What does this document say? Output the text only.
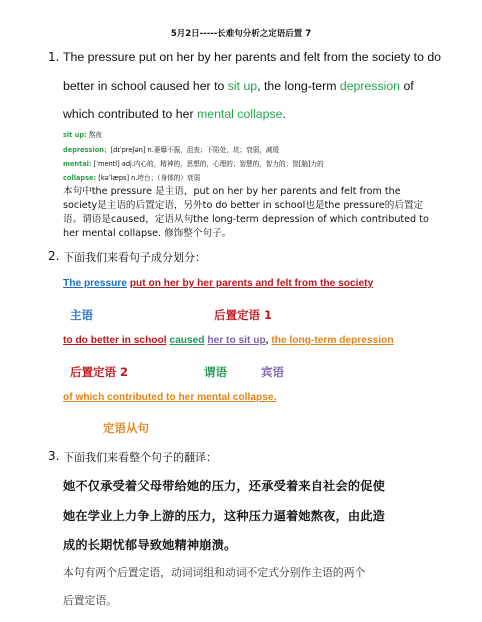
5月2日-----长难句分析之定语后置 7
1. The pressure put on her by her parents and felt from the society to do
better in school caused her to sit up, the long-term depression of
which contributed to her mental collapse.
sit up: 熬夜
depression；[dɪˈpreʃən] n.萎靡不振，沮丧；下陷处，坑；衰弱，减缓
mental: [ˈmentl] adj.内心的，精神的，思想的，心理的；智慧的，智力的；智[脑]力的
collapse: [kəˈlæps] n.垮台；（身体的）衰弱
本句中the pressure 是主语，put on her by her parents and felt from the society是主语的后置定语，另外to do better in school也是the pressure的后置定语。谓语是caused，定语从句the long-term depression of which contributed to her mental collapse. 修饰整个句子。
2. 下面我们来看句子成分划分：
The pressure put on her by her parents and felt from the society
主语	后置定语 1
to do better in school caused her to sit up, the long-term depression
后置定语 2	谓语	宾语
of which contributed to her mental collapse.
定语从句
3. 下面我们来看整个句子的翻译：
她不仅承受着父母带给她的压力，还承受着来自社会的促使
她在学业上力争上游的压力，这种压力逼着她熬夜，由此造
成的长期忧郁导致她精神崩溃。
本句有两个后置定语，动词词组和动词不定式分别作主语的两个
后置定语。
